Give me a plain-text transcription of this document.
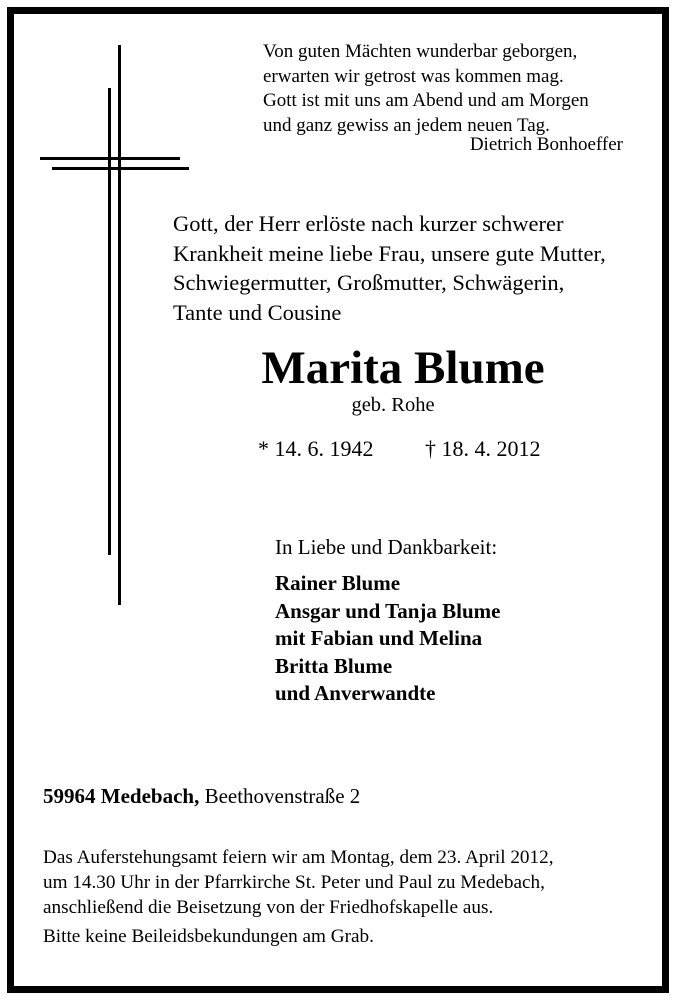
Von guten Mächten wunderbar geborgen,
erwarten wir getrost was kommen mag.
Gott ist mit uns am Abend und am Morgen
und ganz gewiss an jedem neuen Tag.
Dietrich Bonhoeffer
Gott, der Herr erlöste nach kurzer schwerer
Krankheit meine liebe Frau, unsere gute Mutter,
Schwiegermutter, Großmutter, Schwägerin,
Tante und Cousine
Marita Blume
geb. Rohe
* 14. 6. 1942 † 18. 4. 2012
In Liebe und Dankbarkeit:
Rainer Blume
Ansgar und Tanja Blume
mit Fabian und Melina
Britta Blume
und Anverwandte
59964 Medebach, Beethovenstraße 2
Das Auferstehungsamt feiern wir am Montag, dem 23. April 2012,
um 14.30 Uhr in der Pfarrkirche St. Peter und Paul zu Medebach,
anschließend die Beisetzung von der Friedhofskapelle aus.
Bitte keine Beileidsbekundungen am Grab.
